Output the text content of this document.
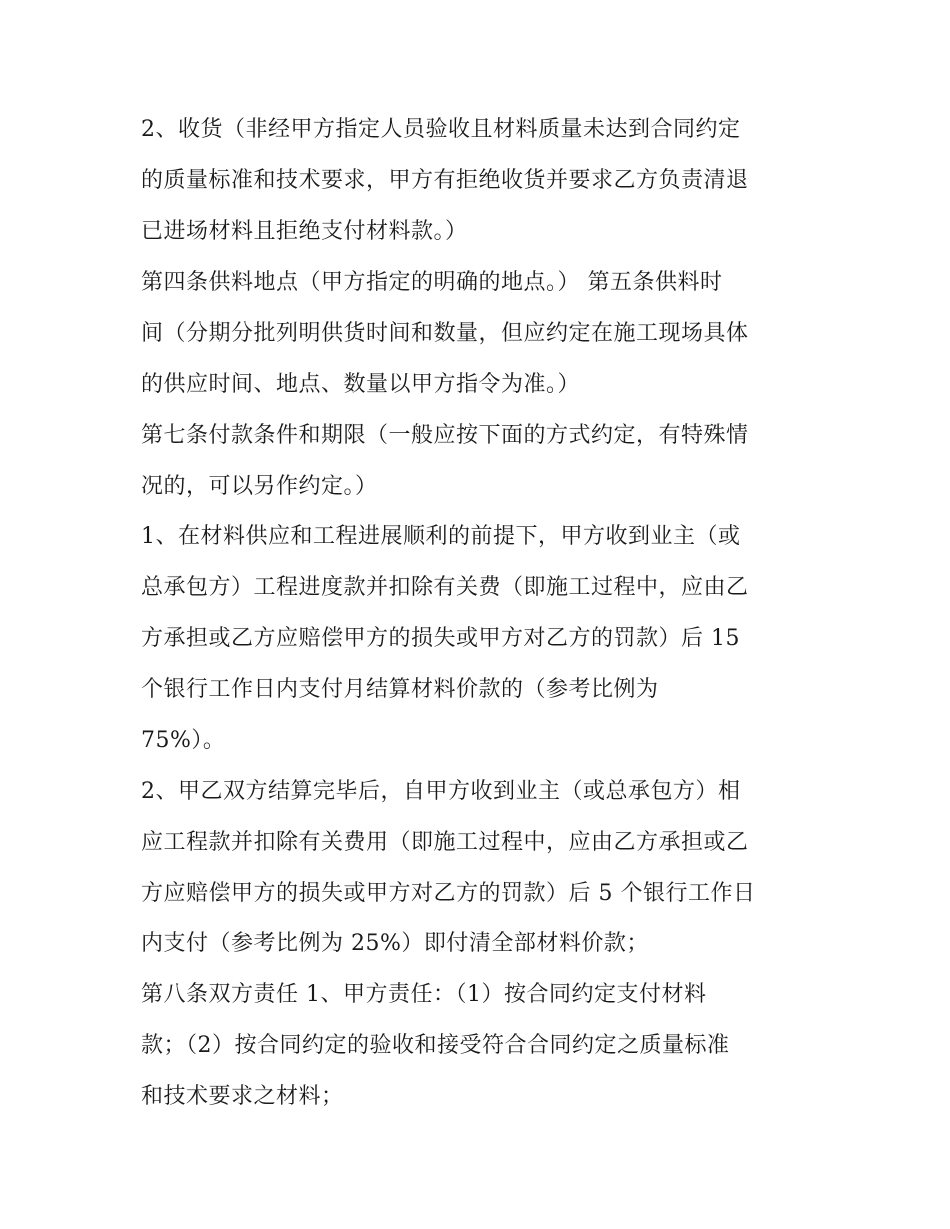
2、收货（非经甲方指定人员验收且材料质量未达到合同约定
的质量标准和技术要求，甲方有拒绝收货并要求乙方负责清退
已进场材料且拒绝支付材料款。）
第四条供料地点（甲方指定的明确的地点。） 第五条供料时
间（分期分批列明供货时间和数量，但应约定在施工现场具体
的供应时间、地点、数量以甲方指令为准。）
第七条付款条件和期限（一般应按下面的方式约定，有特殊情
况的，可以另作约定。）
1、在材料供应和工程进展顺利的前提下，甲方收到业主（或
总承包方）工程进度款并扣除有关费（即施工过程中，应由乙
方承担或乙方应赔偿甲方的损失或甲方对乙方的罚款）后 15
个银行工作日内支付月结算材料价款的（参考比例为
75%）。
2、甲乙双方结算完毕后，自甲方收到业主（或总承包方）相
应工程款并扣除有关费用（即施工过程中，应由乙方承担或乙
方应赔偿甲方的损失或甲方对乙方的罚款）后 5 个银行工作日
内支付（参考比例为 25%）即付清全部材料价款；
第八条双方责任 1、甲方责任：（1）按合同约定支付材料
款；（2）按合同约定的验收和接受符合合同约定之质量标准
和技术要求之材料；
